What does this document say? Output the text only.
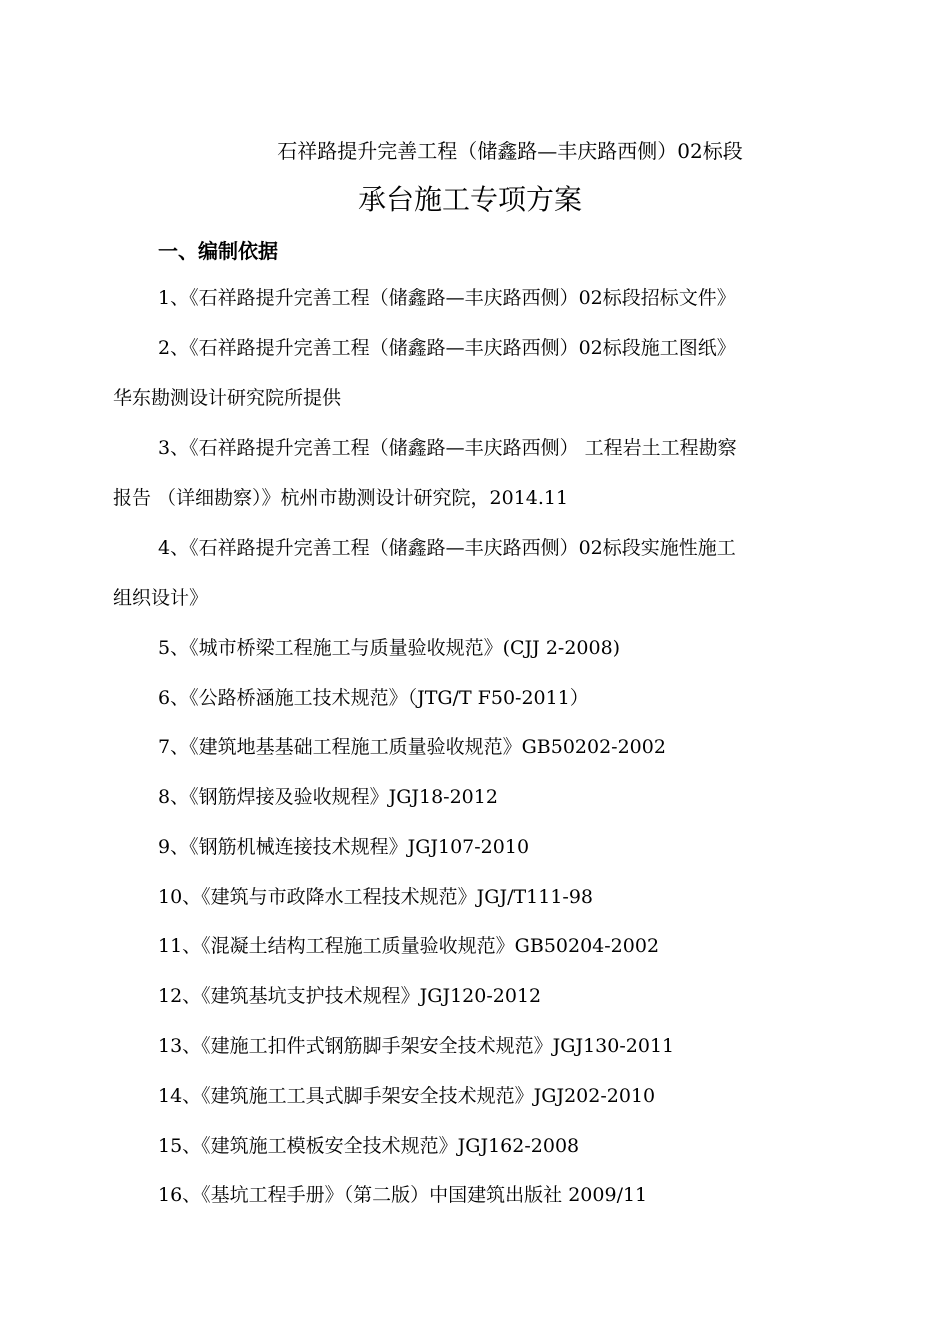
石祥路提升完善工程（储鑫路—丰庆路西侧）02标段
承台施工专项方案
一、编制依据
1、《石祥路提升完善工程（储鑫路—丰庆路西侧）02标段招标文件》
2、《石祥路提升完善工程（储鑫路—丰庆路西侧）02标段施工图纸》
华东勘测设计研究院所提供
3、《石祥路提升完善工程（储鑫路—丰庆路西侧） 工程岩土工程勘察
报告 （详细勘察）》杭州市勘测设计研究院，2014.11
4、《石祥路提升完善工程（储鑫路—丰庆路西侧）02标段实施性施工
组织设计》
5、《城市桥梁工程施工与质量验收规范》(CJJ 2-2008)
6、《公路桥涵施工技术规范》（JTG/T F50-2011）
7、《建筑地基基础工程施工质量验收规范》GB50202-2002
8、《钢筋焊接及验收规程》JGJ18-2012
9、《钢筋机械连接技术规程》JGJ107-2010
10、《建筑与市政降水工程技术规范》JGJ/T111-98
11、《混凝土结构工程施工质量验收规范》GB50204-2002
12、《建筑基坑支护技术规程》JGJ120-2012
13、《建施工扣件式钢筋脚手架安全技术规范》JGJ130-2011
14、《建筑施工工具式脚手架安全技术规范》JGJ202-2010
15、《建筑施工模板安全技术规范》JGJ162-2008
16、《基坑工程手册》（第二版）中国建筑出版社 2009/11
